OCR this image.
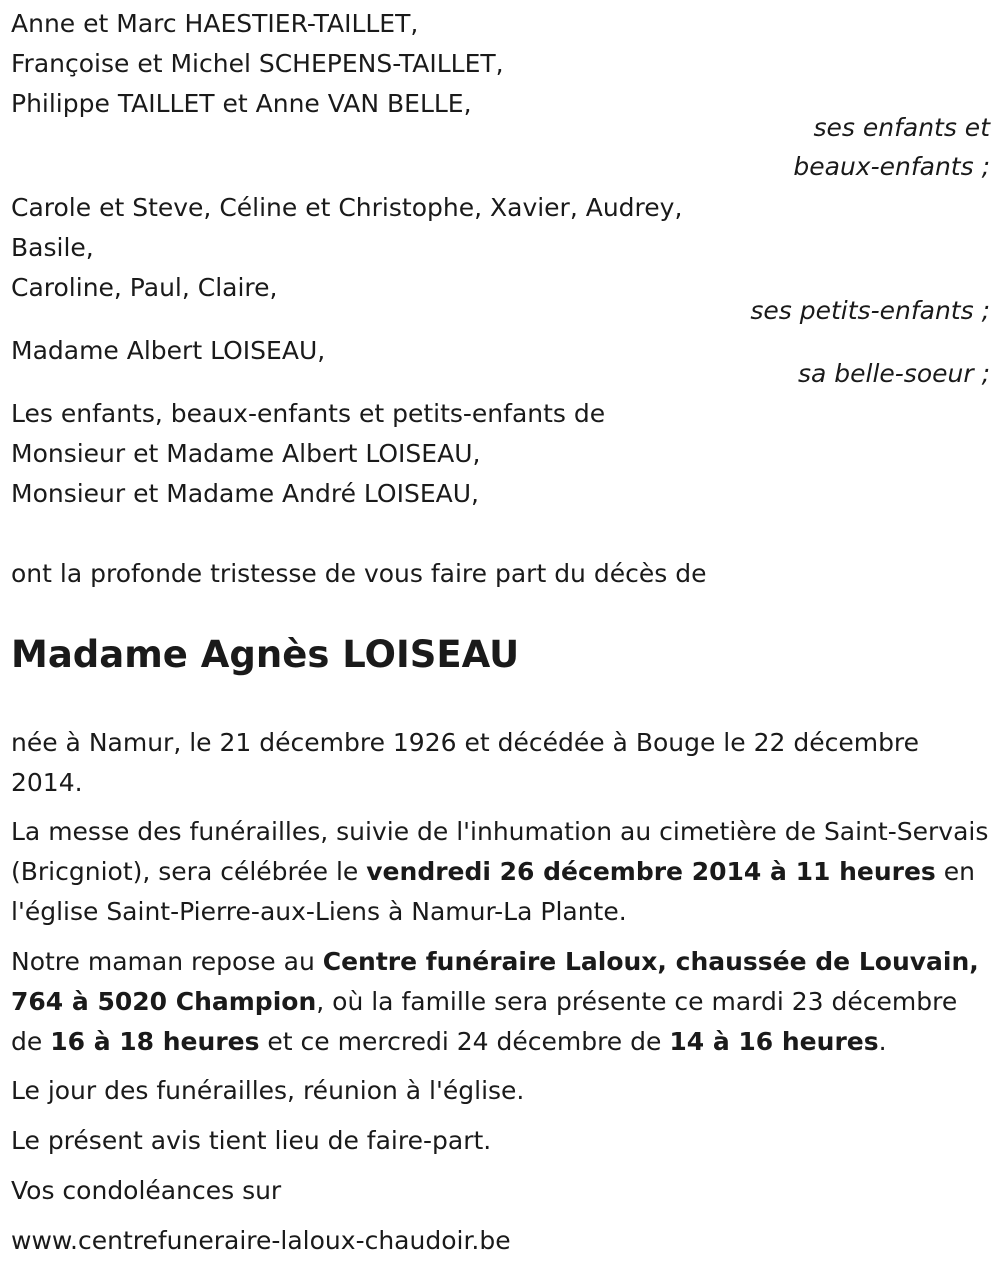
Anne et Marc HAESTIER-TAILLET,
Françoise et Michel SCHEPENS-TAILLET,
Philippe TAILLET et Anne VAN BELLE,
ses enfants et
beaux-enfants ;
Carole et Steve, Céline et Christophe, Xavier, Audrey,
Basile,
Caroline, Paul, Claire,
ses petits-enfants ;
Madame Albert LOISEAU,
sa belle-soeur ;
Les enfants, beaux-enfants et petits-enfants de
Monsieur et Madame Albert LOISEAU,
Monsieur et Madame André LOISEAU,
ont la profonde tristesse de vous faire part du décès de
Madame Agnès LOISEAU
née à Namur, le 21 décembre 1926 et décédée à Bouge le 22 décembre 2014.
La messe des funérailles, suivie de l'inhumation au cimetière de Saint-Servais (Bricgniot), sera célébrée le vendredi 26 décembre 2014 à 11 heures en l'église Saint-Pierre-aux-Liens à Namur-La Plante.
Notre maman repose au Centre funéraire Laloux, chaussée de Louvain, 764 à 5020 Champion, où la famille sera présente ce mardi 23 décembre de 16 à 18 heures et ce mercredi 24 décembre de 14 à 16 heures.
Le jour des funérailles, réunion à l'église.
Le présent avis tient lieu de faire-part.
Vos condoléances sur
www.centrefuneraire-laloux-chaudoir.be
